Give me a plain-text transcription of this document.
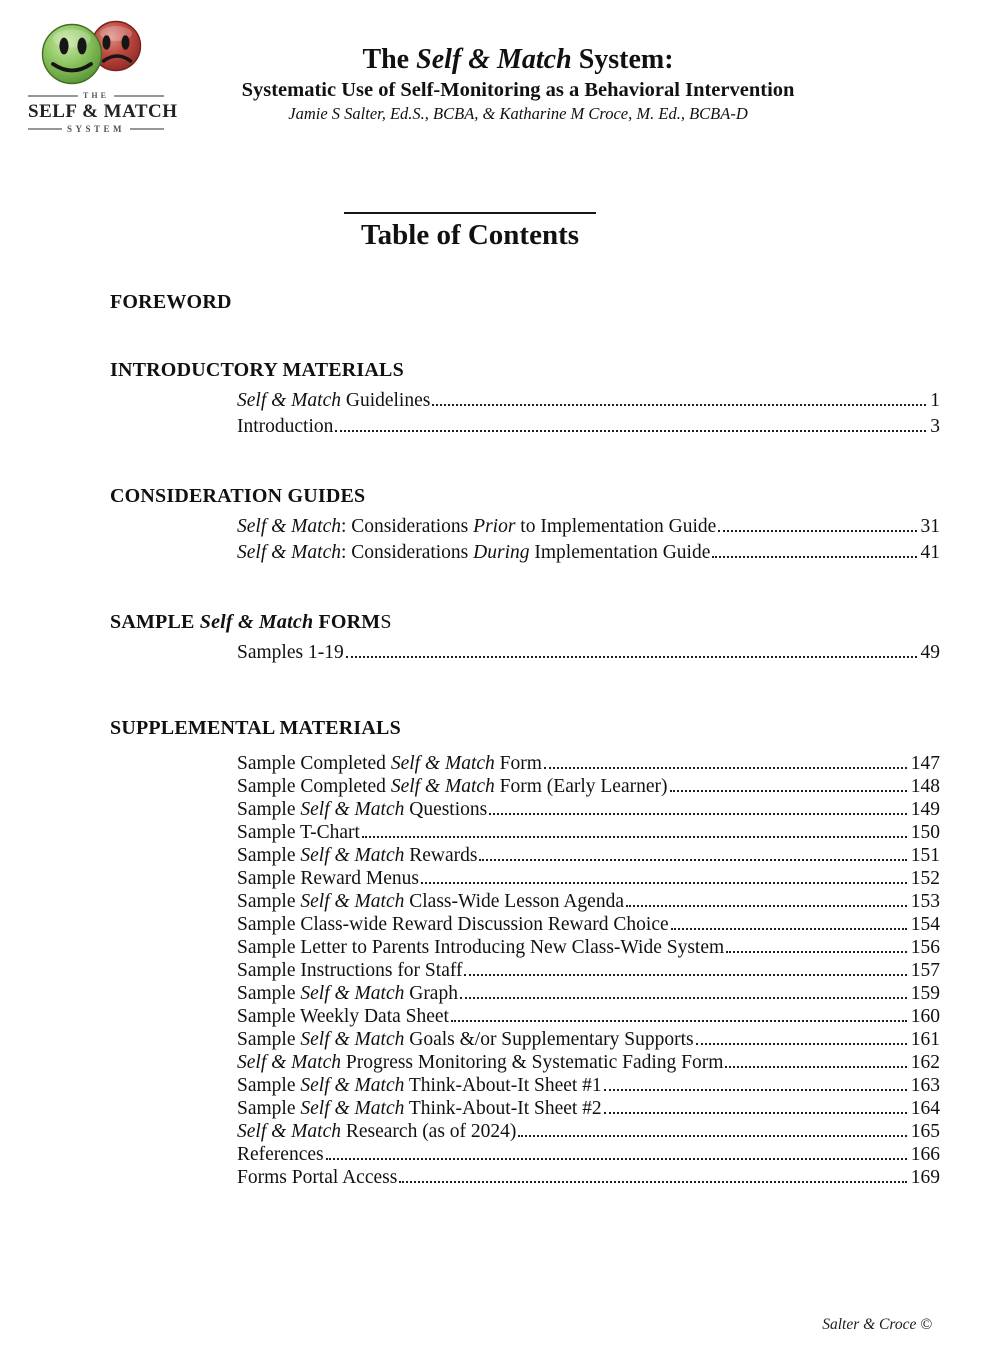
THE
SELF & MATCH
SYSTEM
The Self & Match System:
Systematic Use of Self-Monitoring as a Behavioral Intervention
Jamie S Salter, Ed.S., BCBA, & Katharine M Croce, M. Ed., BCBA-D
Table of Contents
FOREWORD
INTRODUCTORY MATERIALS
Self & Match Guidelines	1
Introduction	3
CONSIDERATION GUIDES
Self & Match: Considerations Prior to Implementation Guide	31
Self & Match: Considerations During Implementation Guide	41
SAMPLE Self & Match FORMS
Samples 1-19	49
SUPPLEMENTAL MATERIALS
Sample Completed Self & Match Form	147
Sample Completed Self & Match Form (Early Learner)	148
Sample Self & Match Questions	149
Sample T-Chart	150
Sample Self & Match Rewards	151
Sample Reward Menus	152
Sample Self & Match Class-Wide Lesson Agenda	153
Sample Class-wide Reward Discussion Reward Choice	154
Sample Letter to Parents Introducing New Class-Wide System	156
Sample Instructions for Staff	157
Sample Self & Match Graph	159
Sample Weekly Data Sheet	160
Sample Self & Match Goals &/or Supplementary Supports	161
Self & Match Progress Monitoring & Systematic Fading Form	162
Sample Self & Match Think-About-It Sheet #1	163
Sample Self & Match Think-About-It Sheet #2	164
Self & Match Research (as of 2024)	165
References	166
Forms Portal Access	169
Salter & Croce ©
